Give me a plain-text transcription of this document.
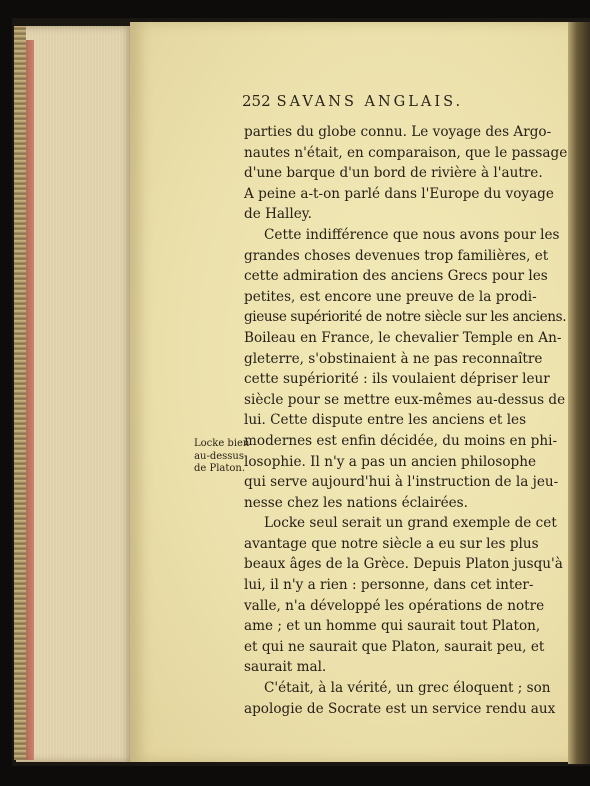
252 SAVANS ANGLAIS.
Locke bien
au-dessus
de Platon.

parties du globe connu. Le voyage des Argo-
nautes n'était, en comparaison, que le passage
d'une barque d'un bord de rivière à l'autre.
A peine a-t-on parlé dans l'Europe du voyage
de Halley.

Cette indifférence que nous avons pour les
grandes choses devenues trop familières, et
cette admiration des anciens Grecs pour les
petites, est encore une preuve de la prodi-
gieuse supériorité de notre siècle sur les anciens.
Boileau en France, le chevalier Temple en An-
gleterre, s'obstinaient à ne pas reconnaître
cette supériorité : ils voulaient dépriser leur
siècle pour se mettre eux-mêmes au-dessus de
lui. Cette dispute entre les anciens et les
modernes est enfin décidée, du moins en phi-
losophie. Il n'y a pas un ancien philosophe
qui serve aujourd'hui à l'instruction de la jeu-
nesse chez les nations éclairées.

Locke seul serait un grand exemple de cet
avantage que notre siècle a eu sur les plus
beaux âges de la Grèce. Depuis Platon jusqu'à
lui, il n'y a rien : personne, dans cet inter-
valle, n'a développé les opérations de notre
ame ; et un homme qui saurait tout Platon,
et qui ne saurait que Platon, saurait peu, et
saurait mal.

C'était, à la vérité, un grec éloquent ; son
apologie de Socrate est un service rendu aux
